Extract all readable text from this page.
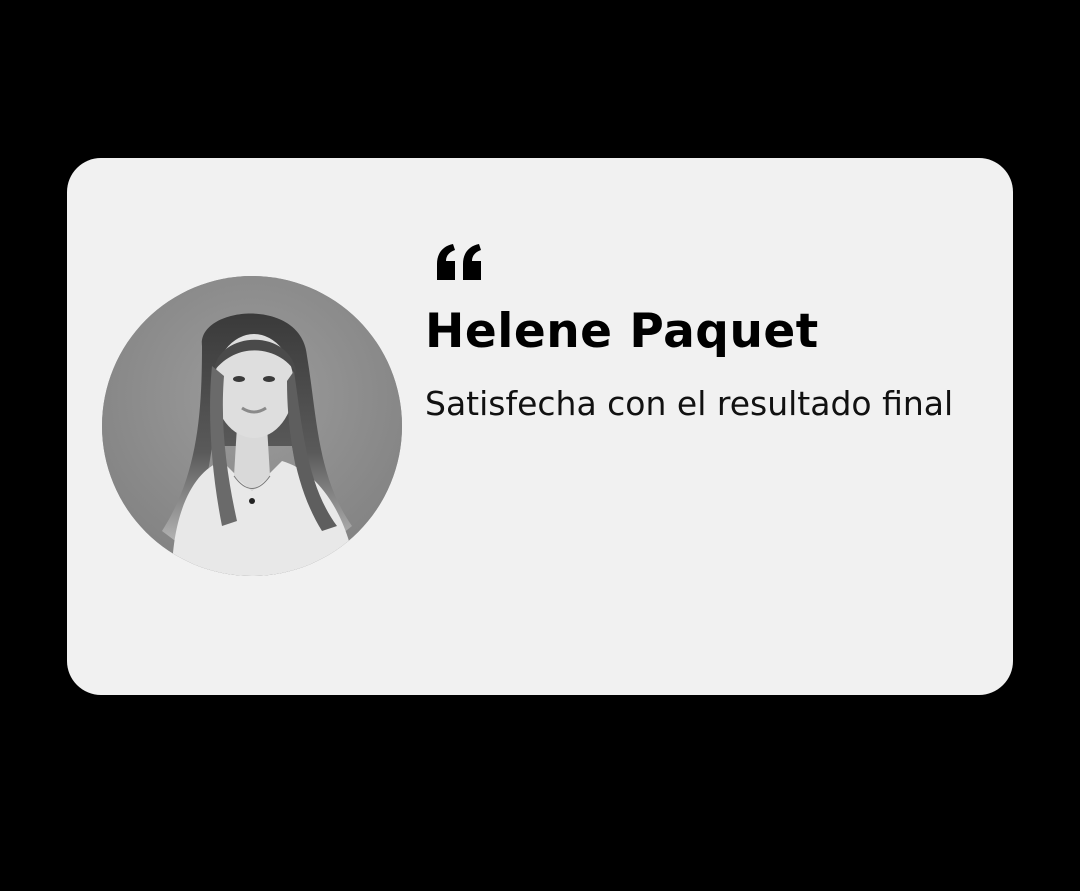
Helene Paquet

Satisfecha con el resultado final
